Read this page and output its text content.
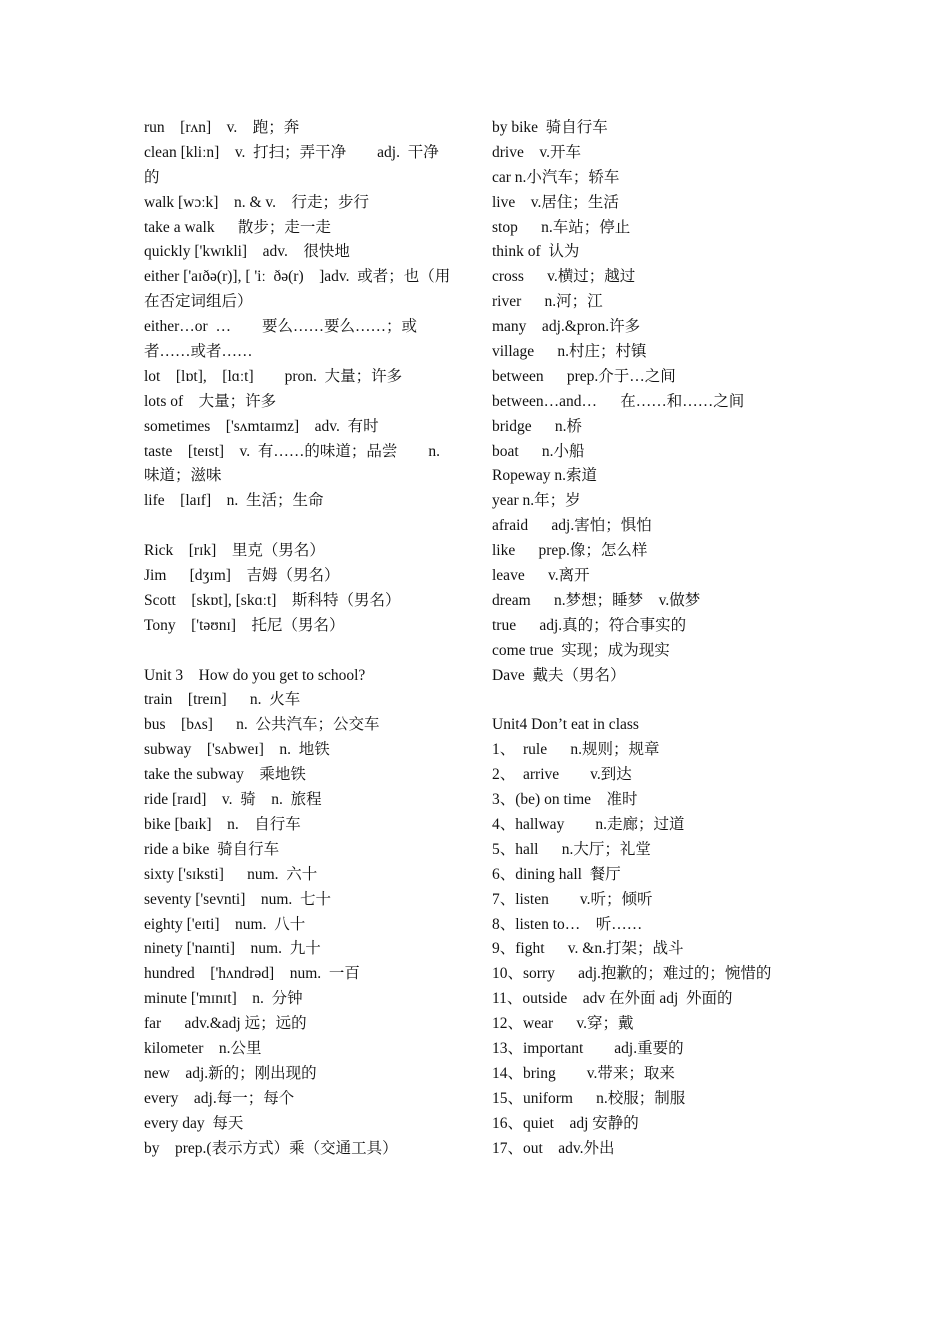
run    [rʌn]    v.    跑；奔
clean [kliːn]    v.  打扫；弄干净        adj.  干净
的
walk [wɔːk]    n. & v.    行走；步行
take a walk      散步；走一走
quickly ['kwɪkli]    adv.    很快地
either ['aɪðə(r)], [ 'iː  ðə(r)    ]adv.  或者；也（用
在否定词组后）
either…or  …        要么……要么……；或
者……或者……
lot    [lɒt],    [lɑːt]        pron.  大量；许多
lots of    大量；许多
sometimes    ['sʌmtaɪmz]    adv.  有时
taste    [teɪst]    v.  有……的味道；品尝        n.
味道；滋味
life    [laɪf]    n.  生活；生命

Rick    [rɪk]    里克（男名）
Jim      [dʒɪm]    吉姆（男名）
Scott    [skɒt], [skɑːt]    斯科特（男名）
Tony    ['təʊnɪ]    托尼（男名）

Unit 3    How do you get to school?
train    [treɪn]      n.  火车
bus    [bʌs]      n.  公共汽车；公交车
subway    ['sʌbweɪ]    n.  地铁
take the subway    乘地铁
ride [raɪd]    v.  骑    n.  旅程
bike [baɪk]    n.    自行车
ride a bike  骑自行车
sixty ['sɪksti]      num.  六十
seventy ['sevnti]    num.  七十
eighty ['eɪti]    num.  八十
ninety ['naɪnti]    num.  九十
hundred    ['hʌndrəd]    num.  一百
minute ['mɪnɪt]    n.  分钟
far      adv.&adj 远；远的
kilometer    n.公里
new    adj.新的；刚出现的
every    adj.每一；每个
every day  每天
by    prep.(表示方式）乘（交通工具）
by bike  骑自行车
drive    v.开车
car n.小汽车；轿车
live    v.居住；生活
stop      n.车站；停止
think of  认为
cross      v.横过；越过
river      n.河；江
many    adj.&pron.许多
village      n.村庄；村镇
between      prep.介于…之间
between…and…      在……和……之间
bridge      n.桥
boat      n.小船
Ropeway n.索道
year n.年；岁
afraid      adj.害怕；惧怕
like      prep.像；怎么样
leave      v.离开
dream      n.梦想；睡梦    v.做梦
true      adj.真的；符合事实的
come true  实现；成为现实
Dave  戴夫（男名）

Unit4 Don’t eat in class
1、  rule      n.规则；规章
2、  arrive        v.到达
3、(be) on time    准时
4、hallway        n.走廊；过道
5、hall      n.大厅；礼堂
6、dining hall  餐厅
7、listen        v.听；倾听
8、listen to…    听……
9、fight      v. &n.打架；战斗
10、sorry      adj.抱歉的；难过的；惋惜的
11、outside    adv 在外面 adj  外面的
12、wear      v.穿；戴
13、important        adj.重要的
14、bring        v.带来；取来
15、uniform      n.校服；制服
16、quiet    adj 安静的
17、out    adv.外出
